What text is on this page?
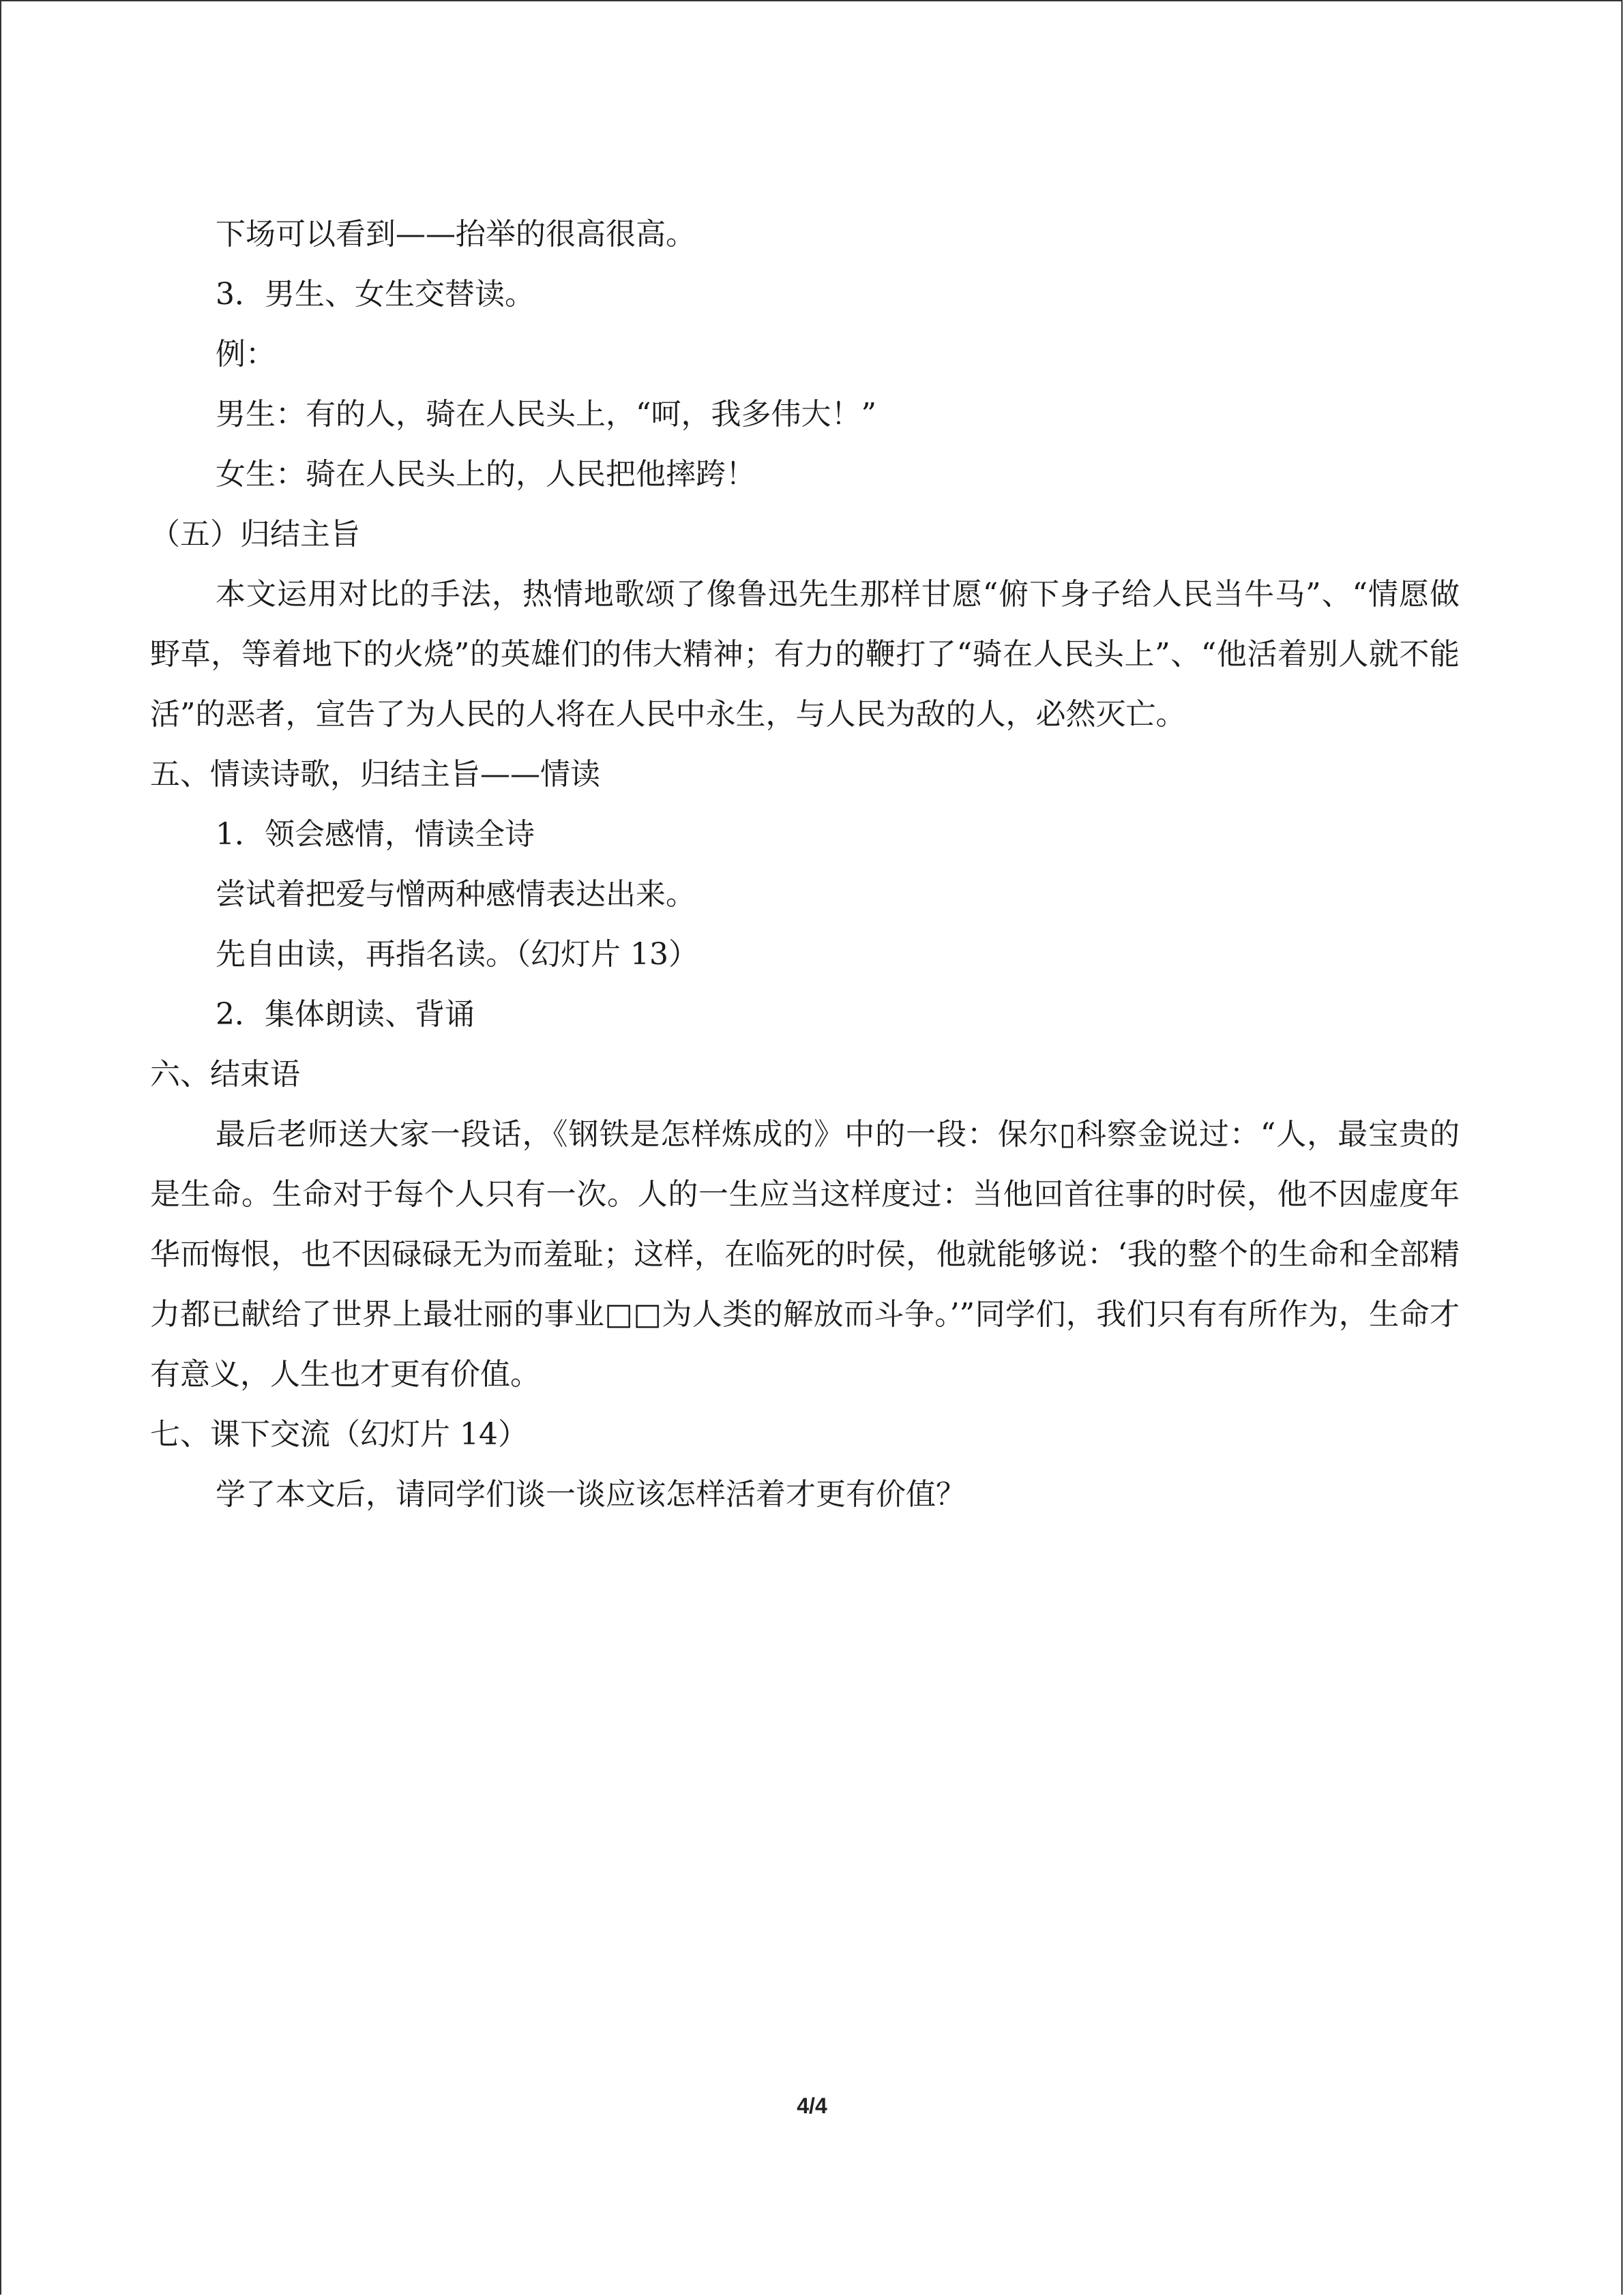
下场可以看到——抬举的很高很高。
3．男生、女生交替读。
例：
男生：有的人，骑在人民头上，“呵，我多伟大！”
女生：骑在人民头上的，人民把他摔跨！
（五）归结主旨

本文运用对比的手法，热情地歌颂了像鲁迅先生那样甘愿“俯下身子给人民当牛马”、“情愿做野草，等着地下的火烧”的英雄们的伟大精神；有力的鞭打了“骑在人民头上”、“他活着别人就不能活”的恶者，宣告了为人民的人将在人民中永生，与人民为敌的人，必然灭亡。

五、情读诗歌，归结主旨——情读
1．领会感情，情读全诗
尝试着把爱与憎两种感情表达出来。
先自由读，再指名读。（幻灯片 13）
2．集体朗读、背诵
六、结束语

最后老师送大家一段话，《钢铁是怎样炼成的》中的一段：保尔▯科察金说过：“人，最宝贵的是生命。生命对于每个人只有一次。人的一生应当这样度过：当他回首往事的时侯，他不因虚度年华而悔恨，也不因碌碌无为而羞耻；这样，在临死的时侯，他就能够说：‘我的整个的生命和全部精力都已献给了世界上最壮丽的事业□□为人类的解放而斗争。’”同学们，我们只有有所作为，生命才有意义，人生也才更有价值。

七、课下交流（幻灯片 14）
学了本文后，请同学们谈一谈应该怎样活着才更有价值？
4/4
